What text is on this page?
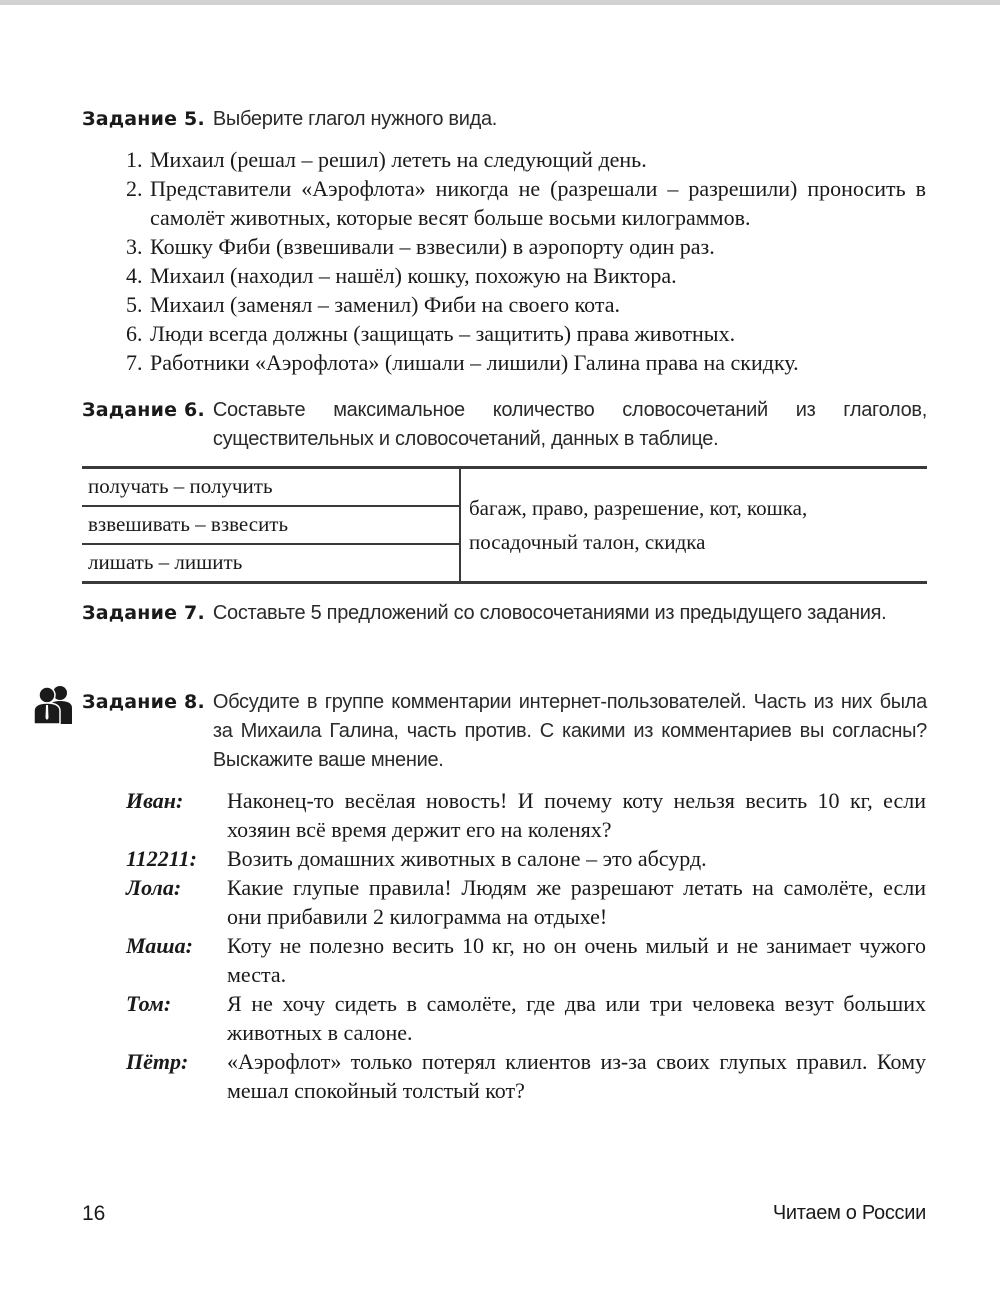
Задание 5. Выберите глагол нужного вида.
1. Михаил (решал – решил) лететь на следующий день.
2. Представители «Аэрофлота» никогда не (разрешали – разрешили) проносить в самолёт животных, которые весят больше восьми килограммов.
3. Кошку Фиби (взвешивали – взвесили) в аэропорту один раз.
4. Михаил (находил – нашёл) кошку, похожую на Виктора.
5. Михаил (заменял – заменил) Фиби на своего кота.
6. Люди всегда должны (защищать – защитить) права животных.
7. Работники «Аэрофлота» (лишали – лишили) Галина права на скидку.
Задание 6. Составьте максимальное количество словосочетаний из глаголов, существительных и словосочетаний, данных в таблице.
получать – получить	багаж, право, разрешение, кот, кошка, посадочный талон, скидка
взвешивать – взвесить
лишать – лишить
Задание 7. Составьте 5 предложений со словосочетаниями из предыдущего задания.
Задание 8. Обсудите в группе комментарии интернет-пользователей. Часть из них была за Михаила Галина, часть против. С какими из комментариев вы согласны? Выскажите ваше мнение.
Иван:	Наконец-то весёлая новость! И почему коту нельзя весить 10 кг, если хозяин всё время держит его на коленях?
112211:	Возить домашних животных в салоне – это абсурд.
Лола:	Какие глупые правила! Людям же разрешают летать на самолёте, если они прибавили 2 килограмма на отдыхе!
Маша:	Коту не полезно весить 10 кг, но он очень милый и не занимает чужого места.
Том:	Я не хочу сидеть в самолёте, где два или три человека везут больших животных в салоне.
Пётр:	«Аэрофлот» только потерял клиентов из-за своих глупых правил. Кому мешал спокойный толстый кот?
16	Читаем о России
